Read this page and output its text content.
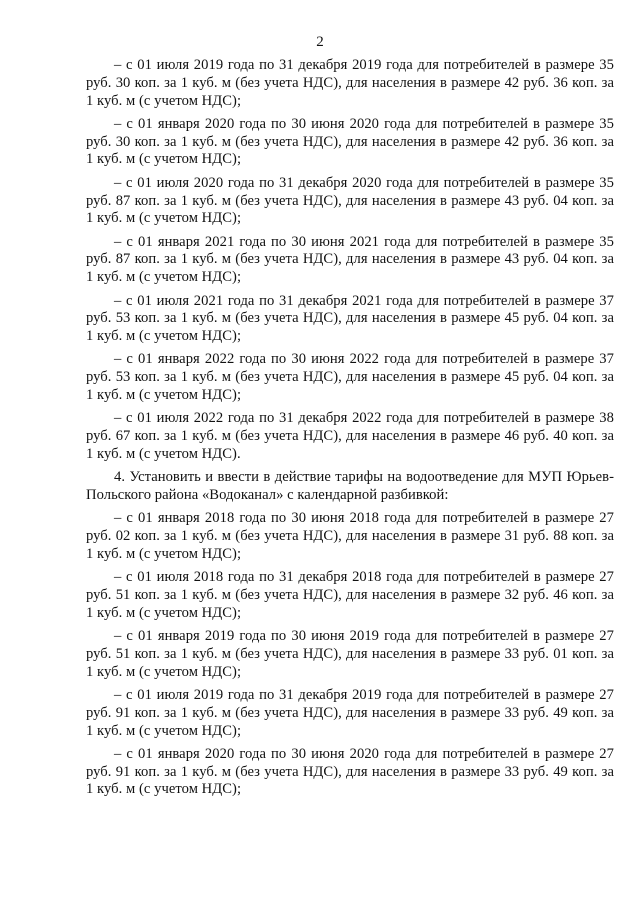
2

– с 01 июля 2019 года по 31 декабря 2019 года для потребителей в размере 35 руб. 30 коп. за 1 куб. м (без учета НДС), для населения в размере 42 руб. 36 коп. за 1 куб. м (с учетом НДС);

– с 01 января 2020 года по 30 июня 2020 года для потребителей в размере 35 руб. 30 коп. за 1 куб. м (без учета НДС), для населения в размере 42 руб. 36 коп. за 1 куб. м (с учетом НДС);

– с 01 июля 2020 года по 31 декабря 2020 года для потребителей в размере 35 руб. 87 коп. за 1 куб. м (без учета НДС), для населения в размере 43 руб. 04 коп. за 1 куб. м (с учетом НДС);

– с 01 января 2021 года по 30 июня 2021 года для потребителей в размере 35 руб. 87 коп. за 1 куб. м (без учета НДС), для населения в размере 43 руб. 04 коп. за 1 куб. м (с учетом НДС);

– с 01 июля 2021 года по 31 декабря 2021 года для потребителей в размере 37 руб. 53 коп. за 1 куб. м (без учета НДС), для населения в размере 45 руб. 04 коп. за 1 куб. м (с учетом НДС);

– с 01 января 2022 года по 30 июня 2022 года для потребителей в размере 37 руб. 53 коп. за 1 куб. м (без учета НДС), для населения в размере 45 руб. 04 коп. за 1 куб. м (с учетом НДС);

– с 01 июля 2022 года по 31 декабря 2022 года для потребителей в размере 38 руб. 67 коп. за 1 куб. м (без учета НДС), для населения в размере 46 руб. 40 коп. за 1 куб. м (с учетом НДС).

4. Установить и ввести в действие тарифы на водоотведение для МУП Юрьев-Польского района «Водоканал» с календарной разбивкой:

– с 01 января 2018 года по 30 июня 2018 года для потребителей в размере 27 руб. 02 коп. за 1 куб. м (без учета НДС), для населения в размере 31 руб. 88 коп. за 1 куб. м (с учетом НДС);

– с 01 июля 2018 года по 31 декабря 2018 года для потребителей в размере 27 руб. 51 коп. за 1 куб. м (без учета НДС), для населения в размере 32 руб. 46 коп. за 1 куб. м (с учетом НДС);

– с 01 января 2019 года по 30 июня 2019 года для потребителей в размере 27 руб. 51 коп. за 1 куб. м (без учета НДС), для населения в размере 33 руб. 01 коп. за 1 куб. м (с учетом НДС);

– с 01 июля 2019 года по 31 декабря 2019 года для потребителей в размере 27 руб. 91 коп. за 1 куб. м (без учета НДС), для населения в размере 33 руб. 49 коп. за 1 куб. м (с учетом НДС);

– с 01 января 2020 года по 30 июня 2020 года для потребителей в размере 27 руб. 91 коп. за 1 куб. м (без учета НДС), для населения в размере 33 руб. 49 коп. за 1 куб. м (с учетом НДС);
